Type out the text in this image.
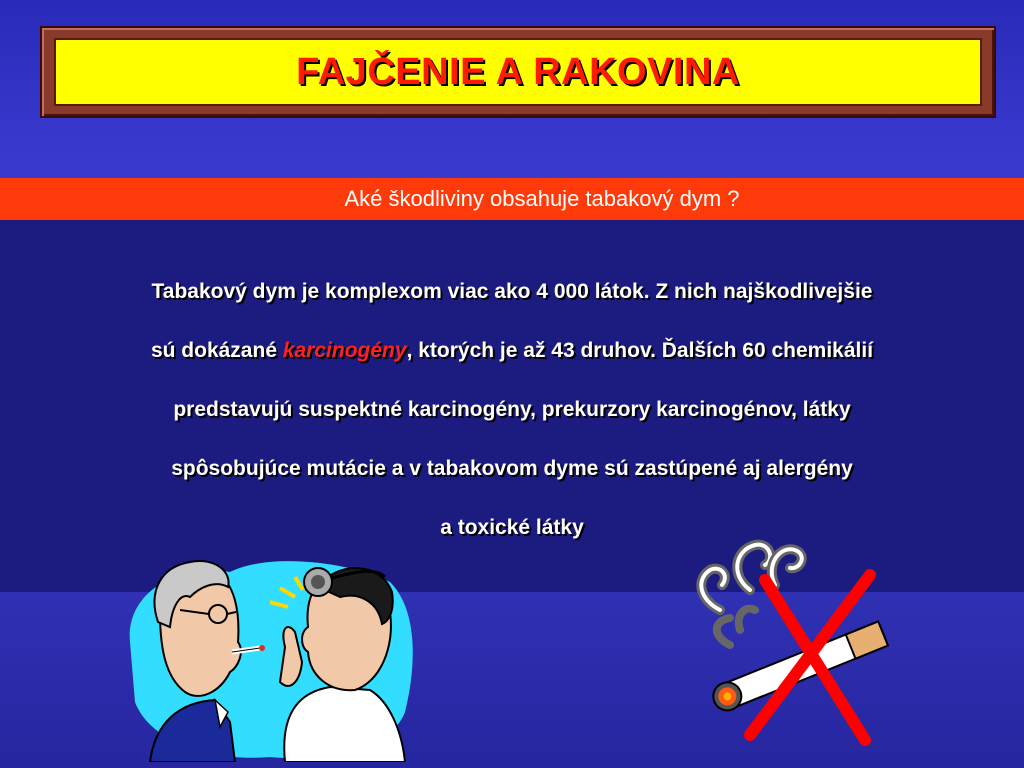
FAJČENIE A RAKOVINA
Aké škodliviny obsahuje tabakový dym ?
Tabakový dym je komplexom viac ako 4 000 látok. Z nich najškodlivejšie
sú dokázané karcinogény, ktorých je až 43 druhov. Ďalších 60 chemikálií
predstavujú suspektné karcinogény, prekurzory karcinogénov, látky
spôsobujúce mutácie a v tabakovom dyme sú zastúpené aj alergény
a toxické látky
